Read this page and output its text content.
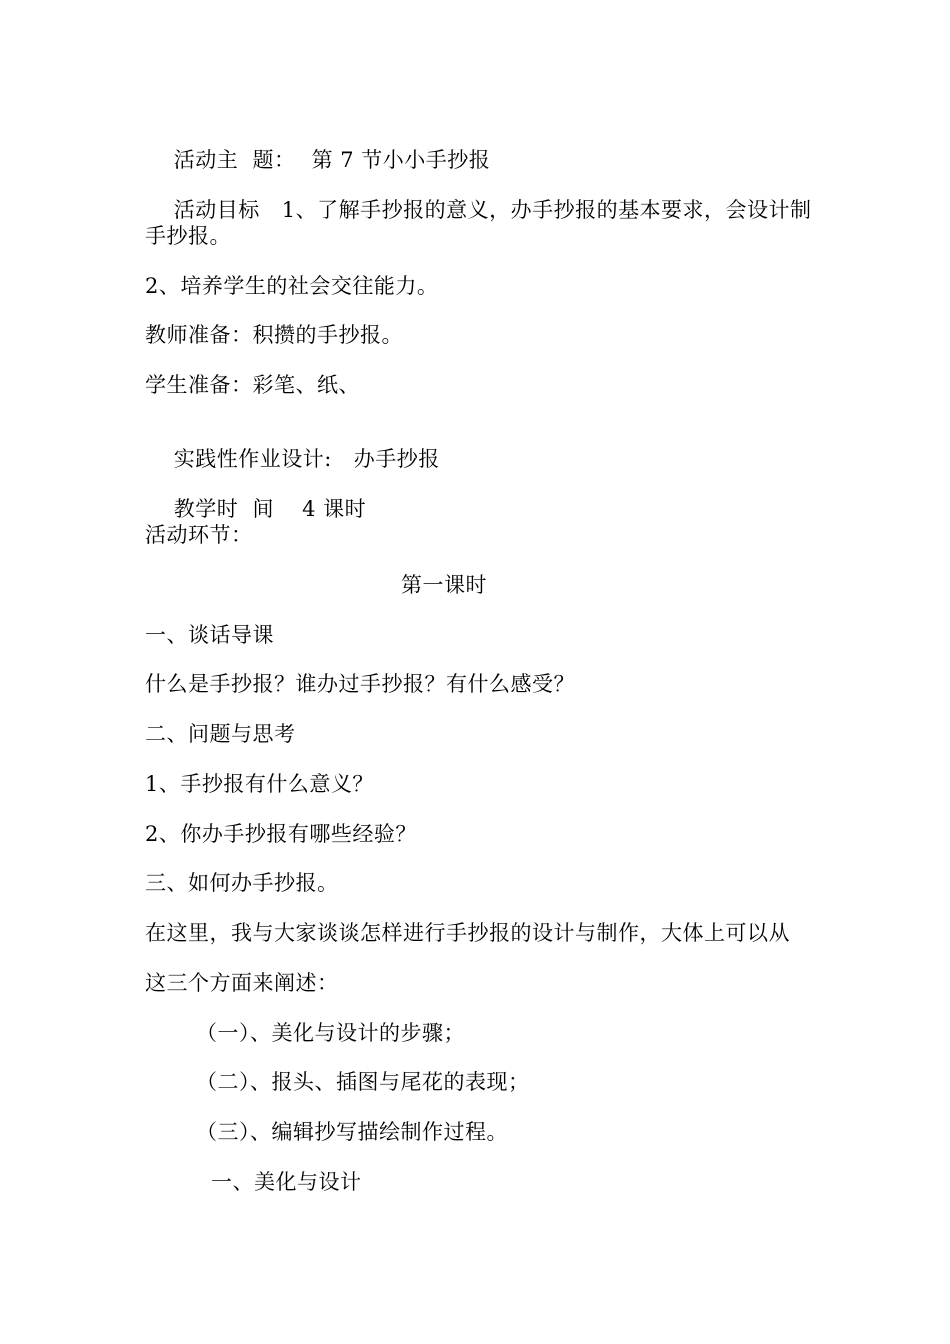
活动主  题： 第 7 节小小手抄报

活动目标 1、了解手抄报的意义，办手抄报的基本要求，会设计制

手抄报。
2、培养学生的社会交往能力。
教师准备：积攒的手抄报。
学生准备：彩笔、纸、

实践性作业设计: 办手抄报

教学时  间 4 课时

活动环节：
第一课时
一、谈话导课
什么是手抄报？谁办过手抄报？有什么感受？
二、问题与思考
1、手抄报有什么意义？
2、你办手抄报有哪些经验？
三、如何办手抄报。
在这里，我与大家谈谈怎样进行手抄报的设计与制作，大体上可以从
这三个方面来阐述：
（一）、美化与设计的步骤；
（二）、报头、插图与尾花的表现；
（三）、编辑抄写描绘制作过程。
一、美化与设计
